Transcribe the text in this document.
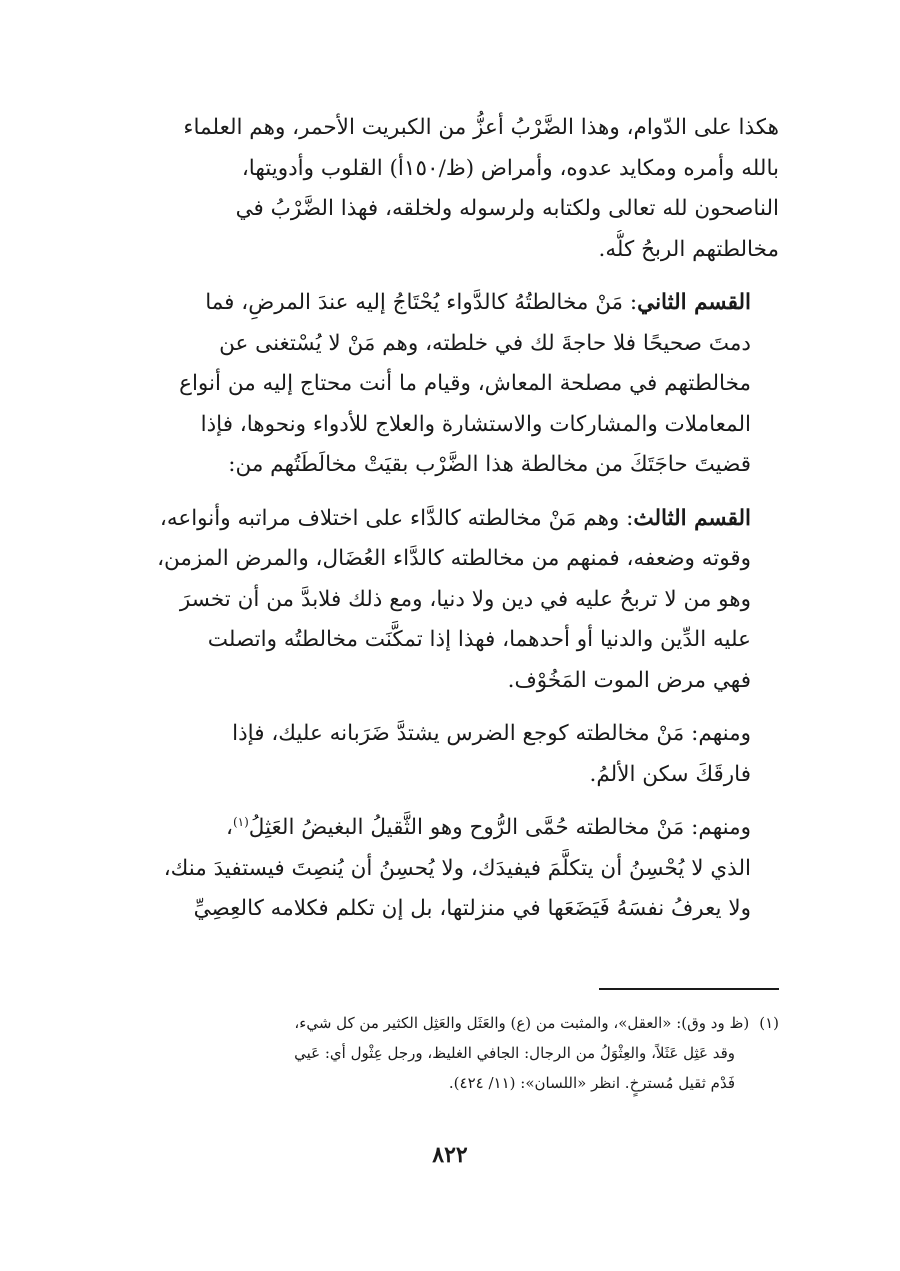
هكذا على الدّوام، وهذا الضَّرْبُ أعزُّ من الكبريت الأحمر، وهم العلماء
بالله وأمره ومكايد عدوه، وأمراض (ظ/١٥٠أ) القلوب وأدويتها،
الناصحون لله تعالى ولكتابه ولرسوله ولخلقه، فهذا الضَّرْبُ في
مخالطتهم الربحُ كلُّه.

القسم الثاني: مَنْ مخالطتُهُ كالدَّواء يُحْتَاجُ إليه عندَ المرضِ، فما
دمتَ صحيحًا فلا حاجةَ لك في خلطته، وهم مَنْ لا يُسْتغنى عن
مخالطتهم في مصلحة المعاش، وقيام ما أنت محتاج إليه من أنواع
المعاملات والمشاركات والاستشارة والعلاج للأدواء ونحوها، فإذا
قضيتَ حاجَتَكَ من مخالطة هذا الضَّرْب بقيَتْ مخالَطَتُهم من:

القسم الثالث: وهم مَنْ مخالطته كالدَّاء على اختلاف مراتبه وأنواعه،
وقوته وضعفه، فمنهم من مخالطته كالدَّاء العُضَال، والمرض المزمن،
وهو من لا تربحُ عليه في دين ولا دنيا، ومع ذلك فلابدَّ من أن تخسرَ
عليه الدِّين والدنيا أو أحدهما، فهذا إذا تمكَّنَت مخالطتُه واتصلت
فهي مرض الموت المَخُوْف.

ومنهم: مَنْ مخالطته كوجع الضرس يشتدَّ ضَرَبانه عليك، فإذا
فارقَكَ سكن الألمُ.

ومنهم: مَنْ مخالطته حُمَّى الرُّوح وهو الثَّقيلُ البغيضُ العَثِلُ$^{(١)}$،
الذي لا يُحْسِنُ أن يتكلَّمَ فيفيدَك، ولا يُحسِنُ أن يُنصِتَ فيستفيدَ منك،
ولا يعرفُ نفسَهُ فَيَضَعَها في منزلتها، بل إن تكلم فكلامه كالعِصِيِّ

(١)(ظ ود وق): «العقل»، والمثبت من (ع) والعَثَل والعَثِل الكثير من كل شيء،
وقد عَثِل عَثَلاً، والعِثْوَلُ من الرجال: الجافي الغليظ، ورجل عِثْول أي: عَيي
فَدْم ثقيل مُسترخٍ. انظر «اللسان»: (١١/ ٤٢٤).
٨٢٢
